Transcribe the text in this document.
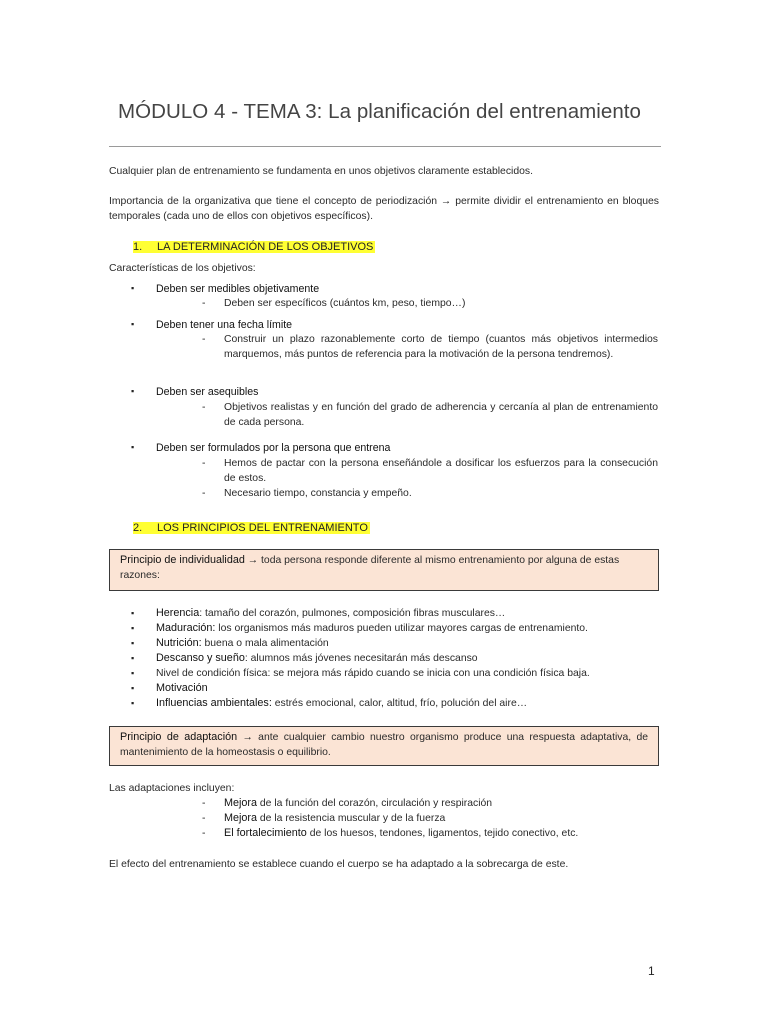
MÓDULO 4 - TEMA 3: La planificación del entrenamiento
Cualquier plan de entrenamiento se fundamenta en unos objetivos claramente establecidos.
Importancia de la organizativa que tiene el concepto de periodización → permite dividir el entrenamiento en bloques temporales (cada uno de ellos con objetivos específicos).
1. LA DETERMINACIÓN DE LOS OBJETIVOS
Características de los objetivos:
▪ Deben ser medibles objetivamente
- Deben ser específicos (cuántos km, peso, tiempo…)
▪ Deben tener una fecha límite
- Construir un plazo razonablemente corto de tiempo (cuantos más objetivos intermedios marquemos, más puntos de referencia para la motivación de la persona tendremos).
▪ Deben ser asequibles
- Objetivos realistas y en función del grado de adherencia y cercanía al plan de entrenamiento de cada persona.
▪ Deben ser formulados por la persona que entrena
- Hemos de pactar con la persona enseñándole a dosificar los esfuerzos para la consecución de estos.
- Necesario tiempo, constancia y empeño.
2. LOS PRINCIPIOS DEL ENTRENAMIENTO
Principio de individualidad → toda persona responde diferente al mismo entrenamiento por alguna de estas razones:
▪ Herencia: tamaño del corazón, pulmones, composición fibras musculares…
▪ Maduración: los organismos más maduros pueden utilizar mayores cargas de entrenamiento.
▪ Nutrición: buena o mala alimentación
▪ Descanso y sueño: alumnos más jóvenes necesitarán más descanso
▪ Nivel de condición física: se mejora más rápido cuando se inicia con una condición física baja.
▪ Motivación
▪ Influencias ambientales: estrés emocional, calor, altitud, frío, polución del aire…
Principio de adaptación → ante cualquier cambio nuestro organismo produce una respuesta adaptativa, de mantenimiento de la homeostasis o equilibrio.
Las adaptaciones incluyen:
- Mejora de la función del corazón, circulación y respiración
- Mejora de la resistencia muscular y de la fuerza
- El fortalecimiento de los huesos, tendones, ligamentos, tejido conectivo, etc.
El efecto del entrenamiento se establece cuando el cuerpo se ha adaptado a la sobrecarga de este.
1
